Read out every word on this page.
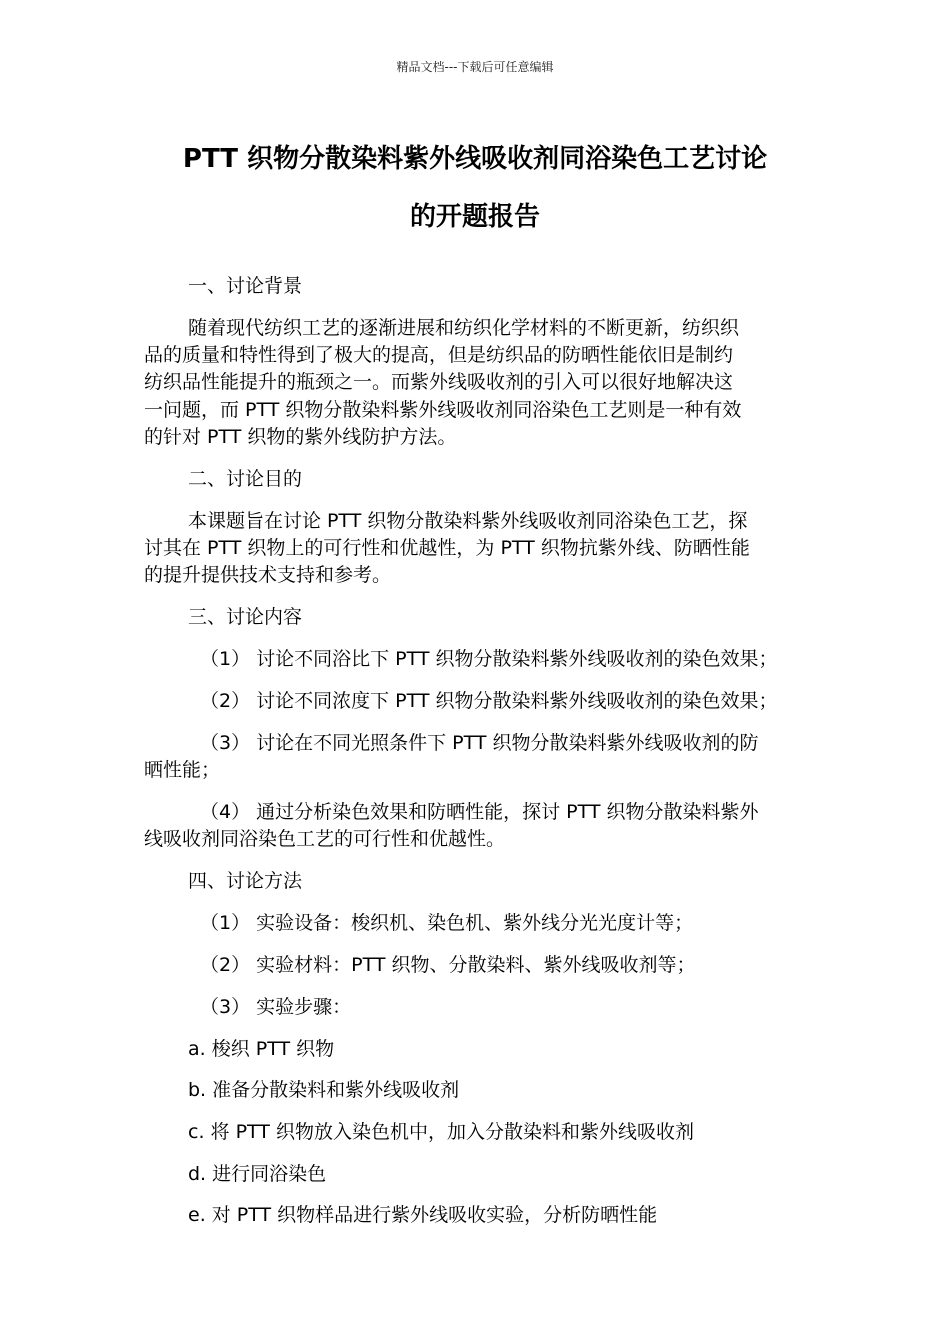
精品文档---下载后可任意编辑
PTT 织物分散染料紫外线吸收剂同浴染色工艺讨论
的开题报告
一、讨论背景
随着现代纺织工艺的逐渐进展和纺织化学材料的不断更新，纺织织
品的质量和特性得到了极大的提高，但是纺织品的防晒性能依旧是制约
纺织品性能提升的瓶颈之一。而紫外线吸收剂的引入可以很好地解决这
一问题，而 PTT 织物分散染料紫外线吸收剂同浴染色工艺则是一种有效
的针对 PTT 织物的紫外线防护方法。
二、讨论目的
本课题旨在讨论 PTT 织物分散染料紫外线吸收剂同浴染色工艺，探
讨其在 PTT 织物上的可行性和优越性，为 PTT 织物抗紫外线、防晒性能
的提升提供技术支持和参考。
三、讨论内容
（1） 讨论不同浴比下 PTT 织物分散染料紫外线吸收剂的染色效果；
（2） 讨论不同浓度下 PTT 织物分散染料紫外线吸收剂的染色效果；
（3） 讨论在不同光照条件下 PTT 织物分散染料紫外线吸收剂的防
晒性能；
（4） 通过分析染色效果和防晒性能，探讨 PTT 织物分散染料紫外
线吸收剂同浴染色工艺的可行性和优越性。
四、讨论方法
（1） 实验设备：梭织机、染色机、紫外线分光光度计等；
（2） 实验材料：PTT 织物、分散染料、紫外线吸收剂等；
（3） 实验步骤：
a. 梭织 PTT 织物
b. 准备分散染料和紫外线吸收剂
c. 将 PTT 织物放入染色机中，加入分散染料和紫外线吸收剂
d. 进行同浴染色
e. 对 PTT 织物样品进行紫外线吸收实验，分析防晒性能
